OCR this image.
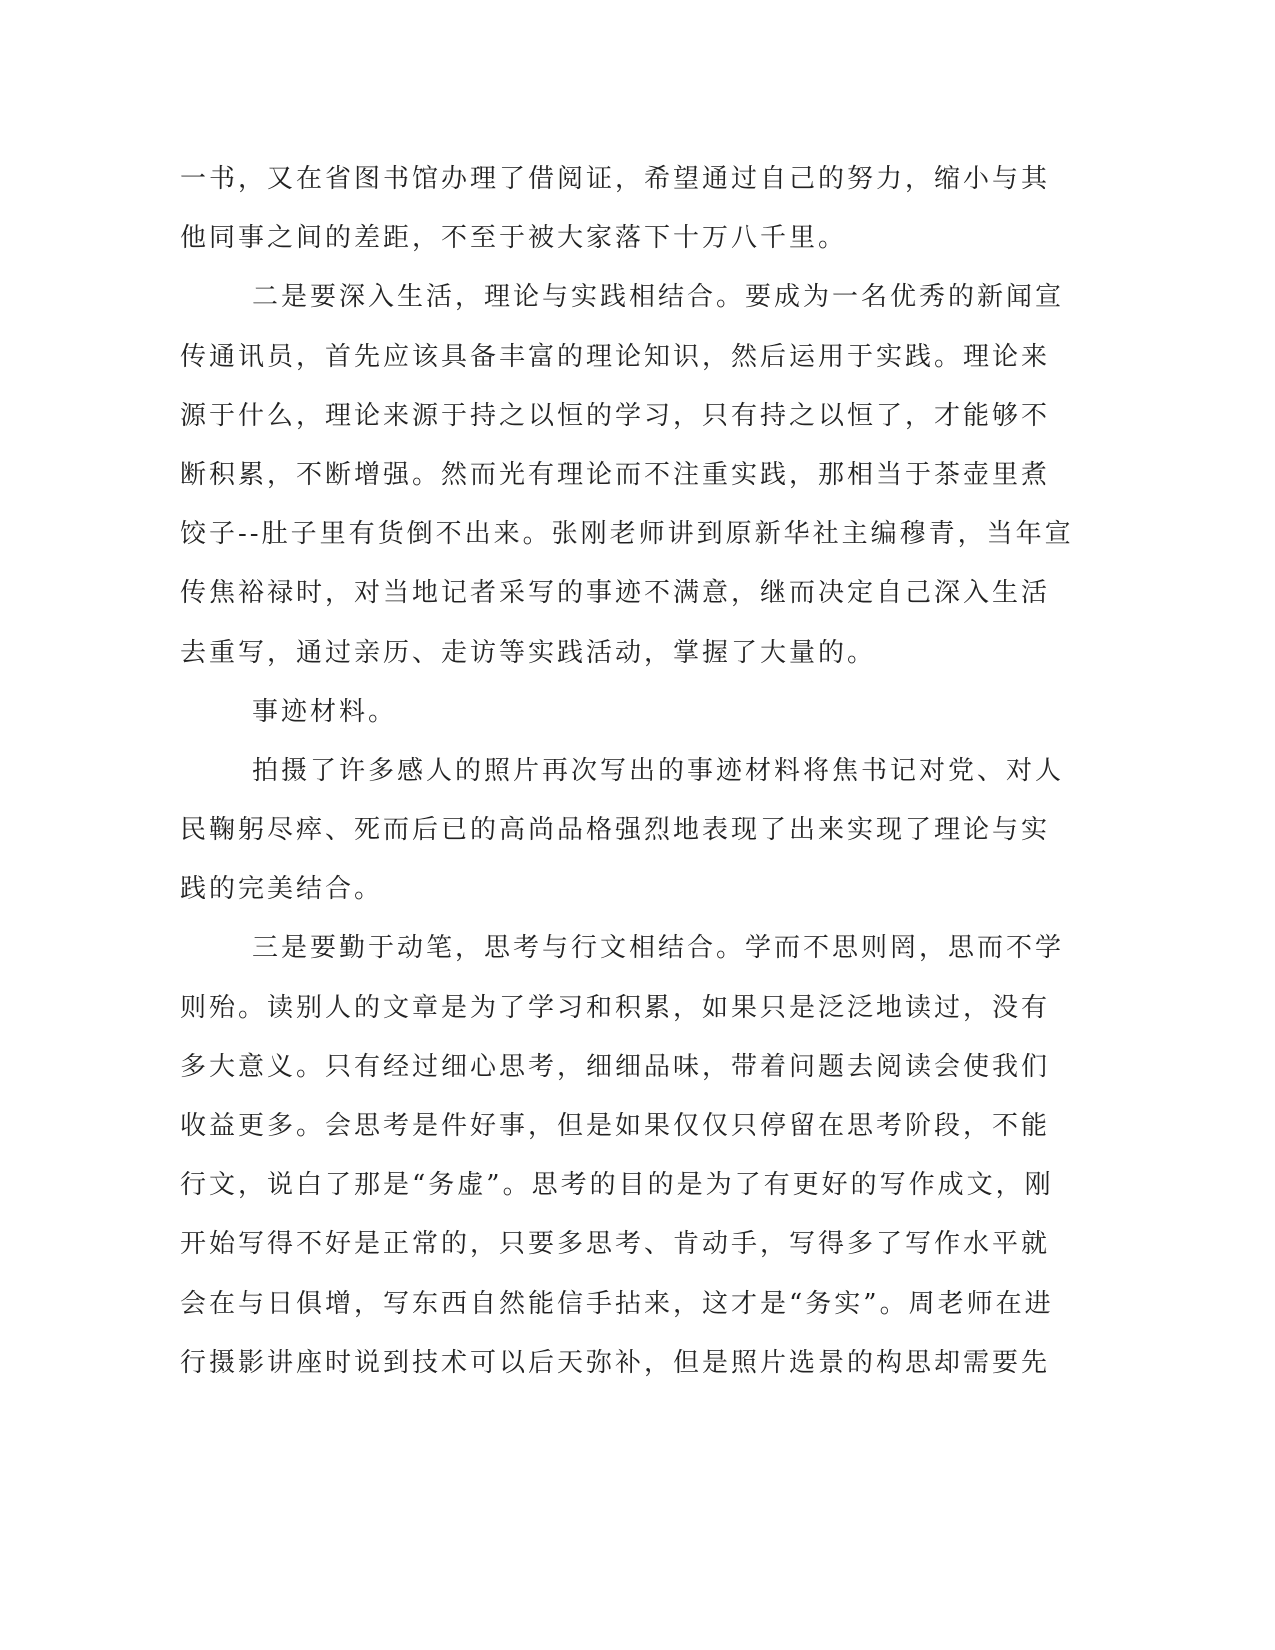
一书，又在省图书馆办理了借阅证，希望通过自己的努力，缩小与其
他同事之间的差距，不至于被大家落下十万八千里。
二是要深入生活，理论与实践相结合。要成为一名优秀的新闻宣
传通讯员，首先应该具备丰富的理论知识，然后运用于实践。理论来
源于什么，理论来源于持之以恒的学习，只有持之以恒了，才能够不
断积累，不断增强。然而光有理论而不注重实践，那相当于茶壶里煮
饺子--肚子里有货倒不出来。张刚老师讲到原新华社主编穆青，当年宣
传焦裕禄时，对当地记者采写的事迹不满意，继而决定自己深入生活
去重写，通过亲历、走访等实践活动，掌握了大量的。
事迹材料。
拍摄了许多感人的照片再次写出的事迹材料将焦书记对党、对人
民鞠躬尽瘁、死而后已的高尚品格强烈地表现了出来实现了理论与实
践的完美结合。
三是要勤于动笔，思考与行文相结合。学而不思则罔，思而不学
则殆。读别人的文章是为了学习和积累，如果只是泛泛地读过，没有
多大意义。只有经过细心思考，细细品味，带着问题去阅读会使我们
收益更多。会思考是件好事，但是如果仅仅只停留在思考阶段，不能
行文，说白了那是“务虚”。思考的目的是为了有更好的写作成文，刚
开始写得不好是正常的，只要多思考、肯动手，写得多了写作水平就
会在与日俱增，写东西自然能信手拈来，这才是“务实”。周老师在进
行摄影讲座时说到技术可以后天弥补，但是照片选景的构思却需要先
